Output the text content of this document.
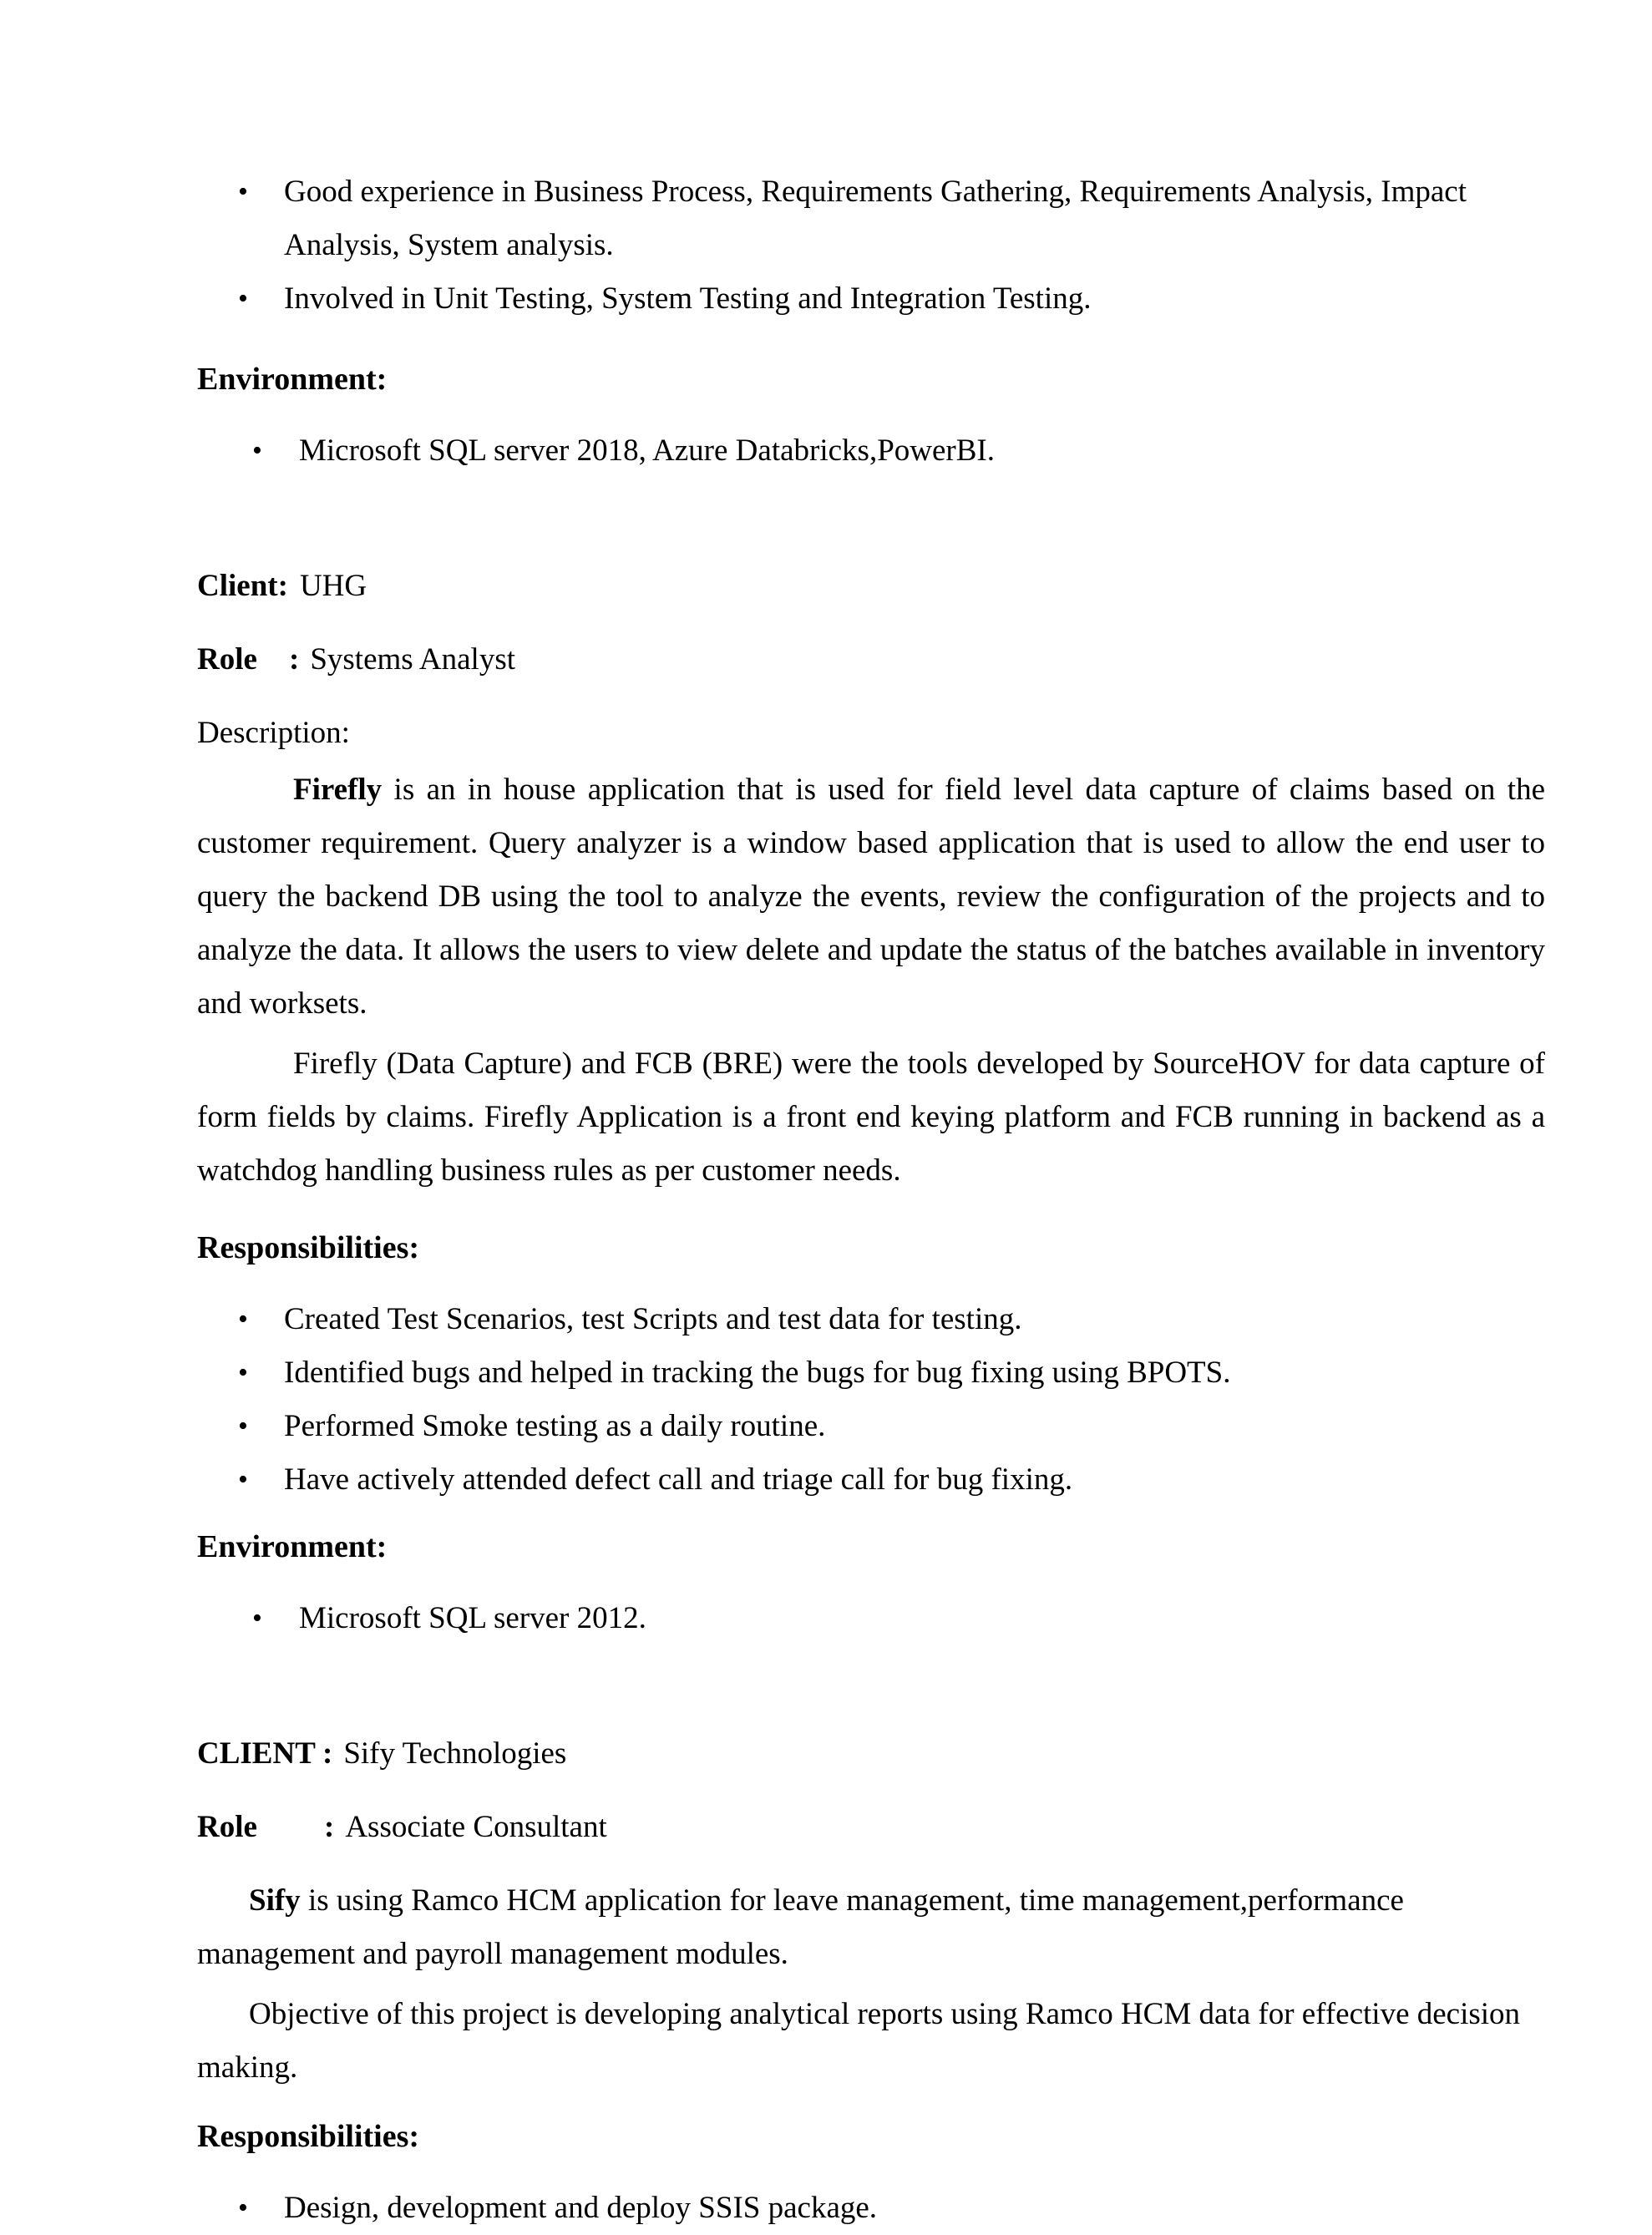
• Good experience in Business Process, Requirements Gathering, Requirements Analysis, Impact Analysis, System analysis.
• Involved in Unit Testing, System Testing and Integration Testing.
Environment:
• Microsoft SQL server 2018, Azure Databricks,PowerBI.

Client: UHG

Role : Systems Analyst

Description:

Firefly is an in house application that is used for field level data capture of claims based on the customer requirement. Query analyzer is a window based application that is used to allow the end user to query the backend DB using the tool to analyze the events, review the configuration of the projects and to analyze the data. It allows the users to view delete and update the status of the batches available in inventory and worksets.

Firefly (Data Capture) and FCB (BRE) were the tools developed by SourceHOV for data capture of form fields by claims. Firefly Application is a front end keying platform and FCB running in backend as a watchdog handling business rules as per customer needs.

Responsibilities:
• Created Test Scenarios, test Scripts and test data for testing.
• Identified bugs and helped in tracking the bugs for bug fixing using BPOTS.
• Performed Smoke testing as a daily routine.
• Have actively attended defect call and triage call for bug fixing.
Environment:
• Microsoft SQL server 2012.

CLIENT : Sify Technologies

Role : Associate Consultant

Sify is using Ramco HCM application for leave management, time management,performance management and payroll management modules.

Objective of this project is developing analytical reports using Ramco HCM data for effective decision making.

Responsibilities:
• Design, development and deploy SSIS package.
